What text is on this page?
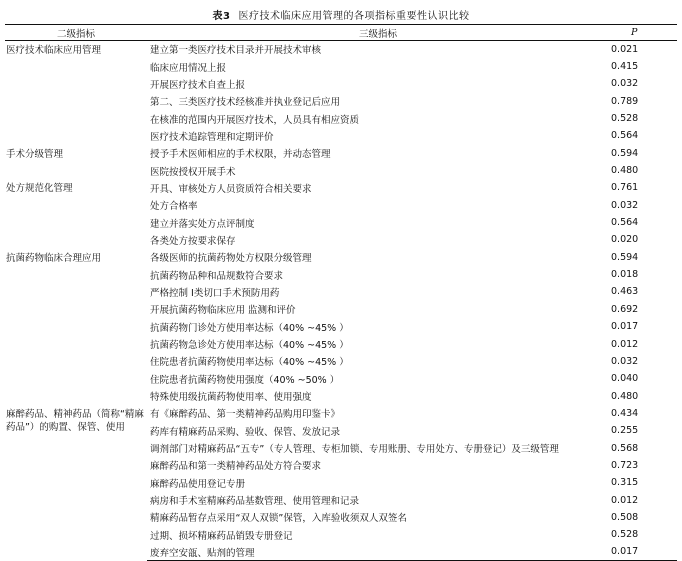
表3 医疗技术临床应用管理的各项指标重要性认识比较
二级指标	三级指标	P
医疗技术临床应用管理	建立第一类医疗技术目录并开展技术审核	0.021
	临床应用情况上报	0.415
	开展医疗技术自查上报	0.032
	第二、三类医疗技术经核准并执业登记后应用	0.789
	在核准的范围内开展医疗技术，人员具有相应资质	0.528
	医疗技术追踪管理和定期评价	0.564
手术分级管理	授予手术医师相应的手术权限，并动态管理	0.594
	医院按授权开展手术	0.480
处方规范化管理	开具、审核处方人员资质符合相关要求	0.761
	处方合格率	0.032
	建立并落实处方点评制度	0.564
	各类处方按要求保存	0.020
抗菌药物临床合理应用	各级医师的抗菌药物处方权限分级管理	0.594
	抗菌药物品种和品规数符合要求	0.018
	严格控制 I类切口手术预防用药	0.463
	开展抗菌药物临床应用 监测和评价	0.692
	抗菌药物门诊处方使用率达标（40% ~45% ）	0.017
	抗菌药物急诊处方使用率达标（40% ~45% ）	0.012
	住院患者抗菌药物使用率达标（40% ~45% ）	0.032
	住院患者抗菌药物使用强度（40% ~50% ）	0.040
	特殊使用级抗菌药物使用率、使用强度	0.480
麻醉药品、精神药品（简称“精麻药品”）的购置、保管、使用	有《麻醉药品、第一类精神药品购用印鉴卡》	0.434
	药库有精麻药品采购、验收、保管、发放记录	0.255
	调剂部门对精麻药品“五专”（专人管理、专柜加锁、专用账册、专用处方、专册登记）及三级管理	0.568
	麻醉药品和第一类精神药品处方符合要求	0.723
	麻醉药品使用登记专册	0.315
	病房和手术室精麻药品基数管理、使用管理和记录	0.012
	精麻药品暂存点采用“双人双锁”保管，入库验收须双人双签名	0.508
	过期、损坏精麻药品销毁专册登记	0.528
	废弃空安瓿、贴剂的管理	0.017
